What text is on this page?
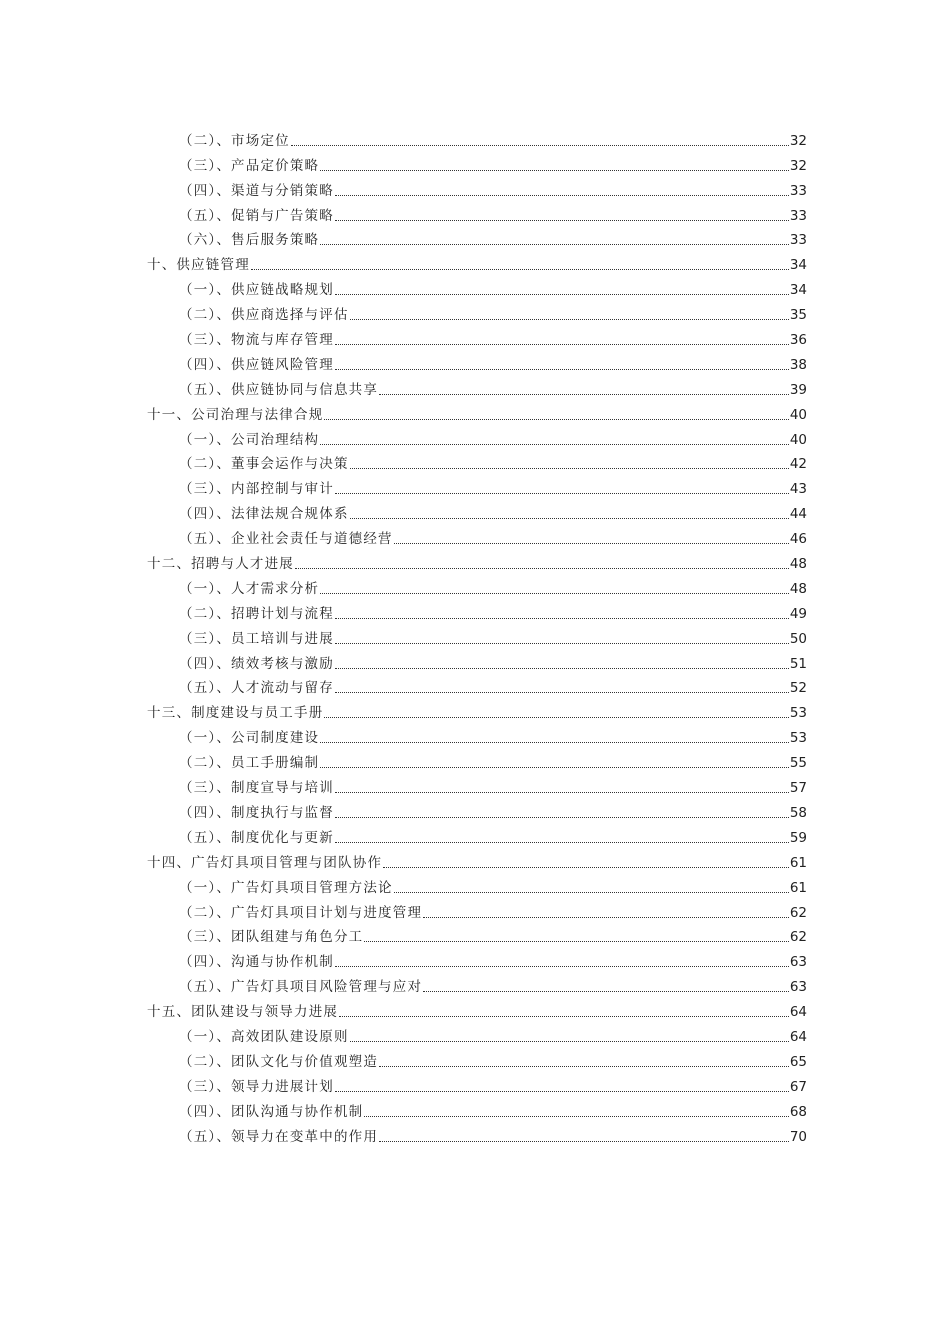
（二）、市场定位	32
（三）、产品定价策略	32
（四）、渠道与分销策略	33
（五）、促销与广告策略	33
（六）、售后服务策略	33
十、供应链管理	34
（一）、供应链战略规划	34
（二）、供应商选择与评估	35
（三）、物流与库存管理	36
（四）、供应链风险管理	38
（五）、供应链协同与信息共享	39
十一、公司治理与法律合规	40
（一）、公司治理结构	40
（二）、董事会运作与决策	42
（三）、内部控制与审计	43
（四）、法律法规合规体系	44
（五）、企业社会责任与道德经营	46
十二、招聘与人才进展	48
（一）、人才需求分析	48
（二）、招聘计划与流程	49
（三）、员工培训与进展	50
（四）、绩效考核与激励	51
（五）、人才流动与留存	52
十三、制度建设与员工手册	53
（一）、公司制度建设	53
（二）、员工手册编制	55
（三）、制度宣导与培训	57
（四）、制度执行与监督	58
（五）、制度优化与更新	59
十四、广告灯具项目管理与团队协作	61
（一）、广告灯具项目管理方法论	61
（二）、广告灯具项目计划与进度管理	62
（三）、团队组建与角色分工	62
（四）、沟通与协作机制	63
（五）、广告灯具项目风险管理与应对	63
十五、团队建设与领导力进展	64
（一）、高效团队建设原则	64
（二）、团队文化与价值观塑造	65
（三）、领导力进展计划	67
（四）、团队沟通与协作机制	68
（五）、领导力在变革中的作用	70
